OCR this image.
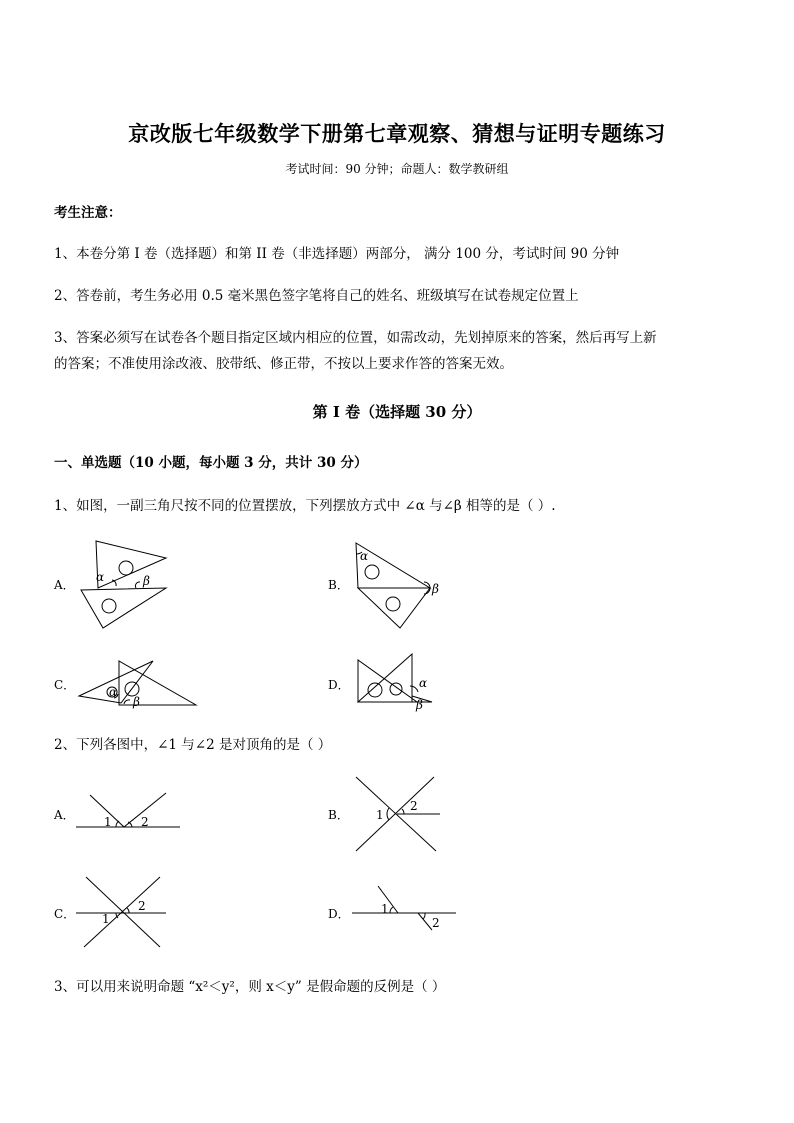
京改版七年级数学下册第七章观察、猜想与证明专题练习
考试时间：90 分钟；命题人：数学教研组
考生注意：
1、本卷分第 I 卷（选择题）和第 II 卷（非选择题）两部分， 满分 100 分，考试时间 90 分钟
2、答卷前，考生务必用 0.5 毫米黑色签字笔将自己的姓名、班级填写在试卷规定位置上
3、答案必须写在试卷各个题目指定区域内相应的位置，如需改动，先划掉原来的答案，然后再写上新
的答案；不准使用涂改液、胶带纸、修正带，不按以上要求作答的答案无效。
第 I 卷（选择题 30 分）
一、单选题（10 小题，每小题 3 分，共计 30 分）
1、如图，一副三角尺按不同的位置摆放，下列摆放方式中 ∠α 与∠β 相等的是（ ）.
A．
α	β	B．
α
β
C．	α
β
D．	α
β
2、下列各图中，∠1 与∠2 是对顶角的是（ ）
A． 1 2	B． 1
2
C． 1
2
D．	1
2
3、可以用来说明命题 “x²＜y²，则 x＜y” 是假命题的反例是（ ）
